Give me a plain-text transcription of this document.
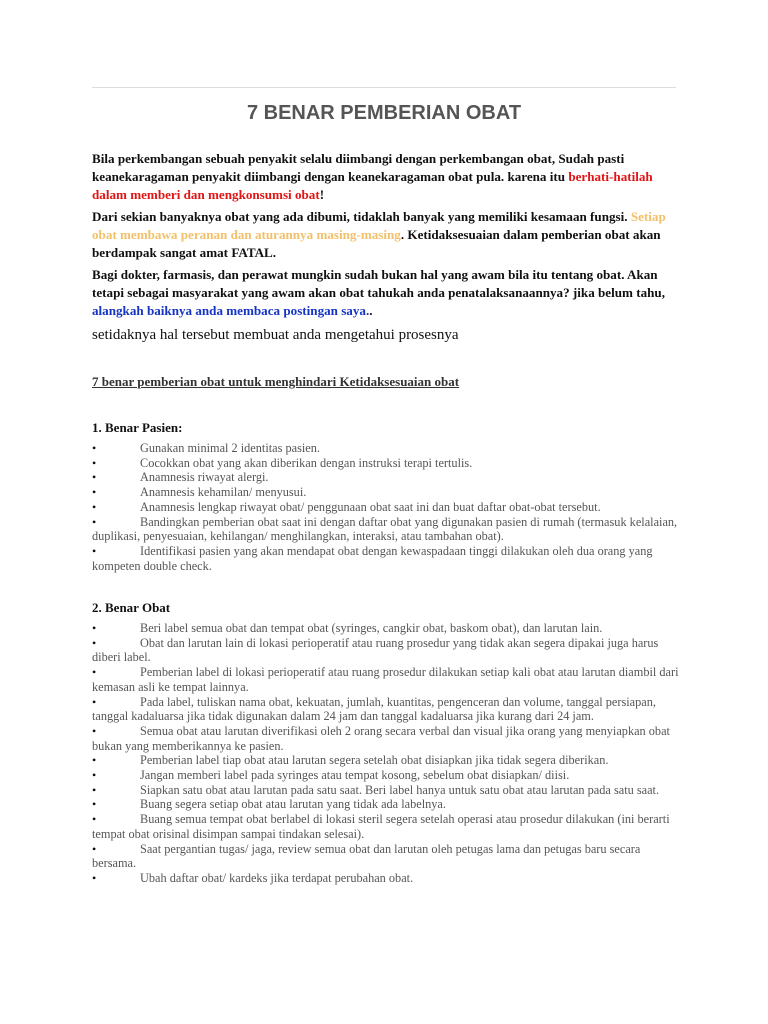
7 BENAR PEMBERIAN OBAT

Bila perkembangan sebuah penyakit selalu diimbangi dengan perkembangan obat, Sudah pasti keanekaragaman penyakit diimbangi dengan keanekaragaman obat pula. karena itu berhati-hatilah dalam memberi dan mengkonsumsi obat!

Dari sekian banyaknya obat yang ada dibumi, tidaklah banyak yang memiliki kesamaan fungsi. Setiap obat membawa peranan dan aturannya masing-masing. Ketidaksesuaian dalam pemberian obat akan berdampak sangat amat FATAL.

Bagi dokter, farmasis, dan perawat mungkin sudah bukan hal yang awam bila itu tentang obat. Akan tetapi sebagai masyarakat yang awam akan obat tahukah anda penatalaksanaannya? jika belum tahu, alangkah baiknya anda membaca postingan saya..

setidaknya hal tersebut membuat anda mengetahui prosesnya

7 benar pemberian obat untuk menghindari Ketidaksesuaian obat

1. Benar Pasien:

•	Gunakan minimal 2 identitas pasien.
•	Cocokkan obat yang akan diberikan dengan instruksi terapi tertulis.
•	Anamnesis riwayat alergi.
•	Anamnesis kehamilan/ menyusui.
•	Anamnesis lengkap riwayat obat/ penggunaan obat saat ini dan buat daftar obat-obat tersebut.
•	Bandingkan pemberian obat saat ini dengan daftar obat yang digunakan pasien di rumah (termasuk kelalaian, duplikasi, penyesuaian, kehilangan/ menghilangkan, interaksi, atau tambahan obat).
•	Identifikasi pasien yang akan mendapat obat dengan kewaspadaan tinggi dilakukan oleh dua orang yang kompeten double check.

2. Benar Obat

•	Beri label semua obat dan tempat obat (syringes, cangkir obat, baskom obat), dan larutan lain.
•	Obat dan larutan lain di lokasi perioperatif atau ruang prosedur yang tidak akan segera dipakai juga harus diberi label.
•	Pemberian label di lokasi perioperatif atau ruang prosedur dilakukan setiap kali obat atau larutan diambil dari kemasan asli ke tempat lainnya.
•	Pada label, tuliskan nama obat, kekuatan, jumlah, kuantitas, pengenceran dan volume, tanggal persiapan, tanggal kadaluarsa jika tidak digunakan dalam 24 jam dan tanggal kadaluarsa jika kurang dari 24 jam.
•	Semua obat atau larutan diverifikasi oleh 2 orang secara verbal dan visual jika orang yang menyiapkan obat bukan yang memberikannya ke pasien.
•	Pemberian label tiap obat atau larutan segera setelah obat disiapkan jika tidak segera diberikan.
•	Jangan memberi label pada syringes atau tempat kosong, sebelum obat disiapkan/ diisi.
•	Siapkan satu obat atau larutan pada satu saat. Beri label hanya untuk satu obat atau larutan pada satu saat.
•	Buang segera setiap obat atau larutan yang tidak ada labelnya.
•	Buang semua tempat obat berlabel di lokasi steril segera setelah operasi atau prosedur dilakukan (ini berarti tempat obat orisinal disimpan sampai tindakan selesai).
•	Saat pergantian tugas/ jaga, review semua obat dan larutan oleh petugas lama dan petugas baru secara bersama.
•	Ubah daftar obat/ kardeks jika terdapat perubahan obat.
